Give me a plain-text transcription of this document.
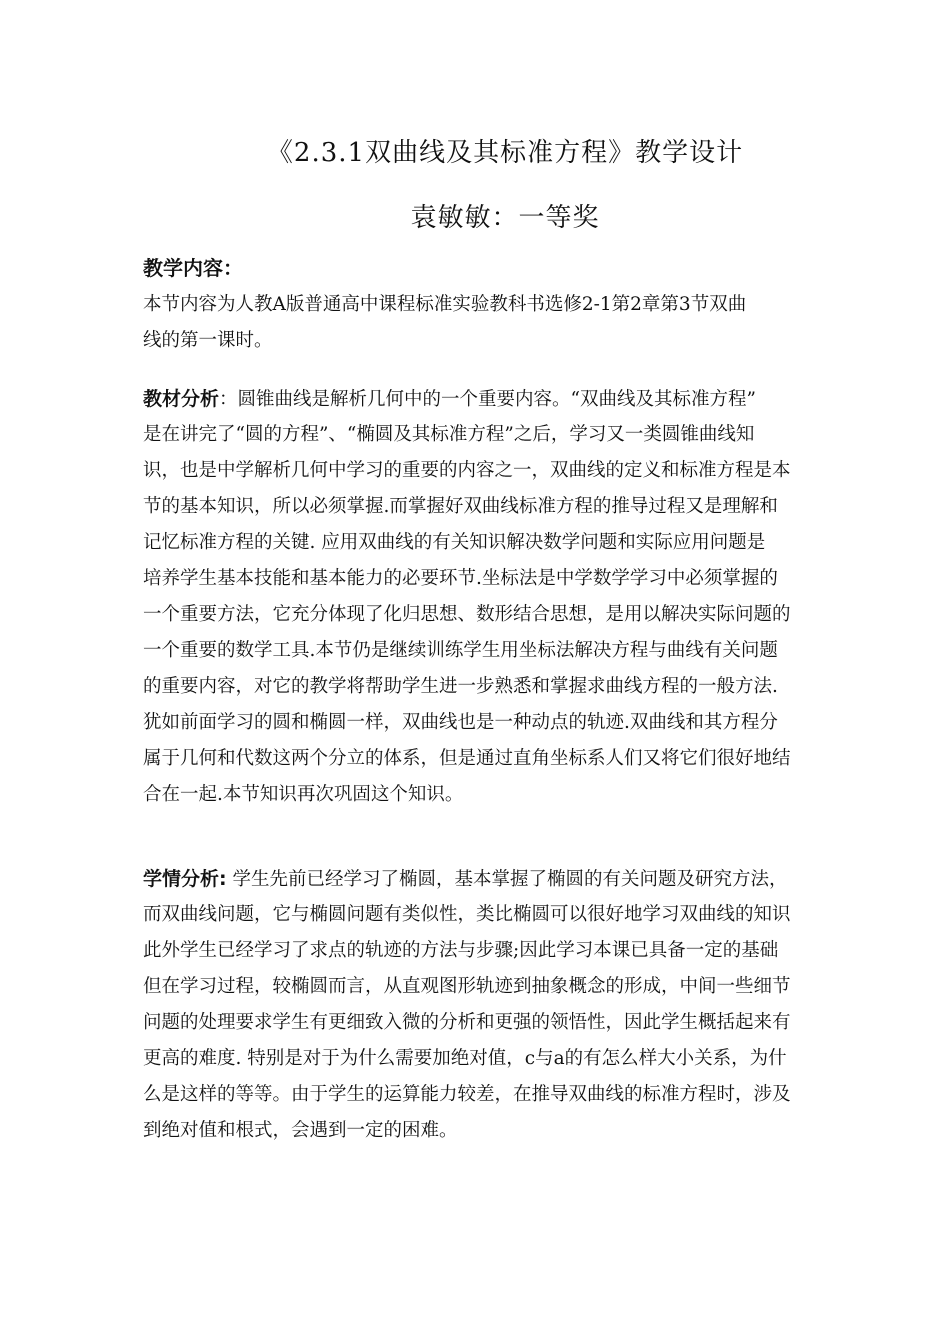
《2.3.1双曲线及其标准方程》教学设计
袁敏敏：一等奖
教学内容：
本节内容为人教A版普通高中课程标准实验教科书选修2-1第2章第3节双曲
线的第一课时。
教材分析：圆锥曲线是解析几何中的一个重要内容。“双曲线及其标准方程”
是在讲完了“圆的方程”、“椭圆及其标准方程”之后，学习又一类圆锥曲线知
识，也是中学解析几何中学习的重要的内容之一，双曲线的定义和标准方程是本
节的基本知识，所以必须掌握.而掌握好双曲线标准方程的推导过程又是理解和
记忆标准方程的关键. 应用双曲线的有关知识解决数学问题和实际应用问题是
培养学生基本技能和基本能力的必要环节.坐标法是中学数学学习中必须掌握的
一个重要方法，它充分体现了化归思想、数形结合思想，是用以解决实际问题的
一个重要的数学工具.本节仍是继续训练学生用坐标法解决方程与曲线有关问题
的重要内容，对它的教学将帮助学生进一步熟悉和掌握求曲线方程的一般方法.
犹如前面学习的圆和椭圆一样，双曲线也是一种动点的轨迹.双曲线和其方程分
属于几何和代数这两个分立的体系，但是通过直角坐标系人们又将它们很好地结
合在一起.本节知识再次巩固这个知识。
学情分析: 学生先前已经学习了椭圆，基本掌握了椭圆的有关问题及研究方法，
而双曲线问题，它与椭圆问题有类似性，类比椭圆可以很好地学习双曲线的知识
此外学生已经学习了求点的轨迹的方法与步骤;因此学习本课已具备一定的基础
但在学习过程，较椭圆而言，从直观图形轨迹到抽象概念的形成，中间一些细节
问题的处理要求学生有更细致入微的分析和更强的领悟性，因此学生概括起来有
更高的难度. 特别是对于为什么需要加绝对值，c与a的有怎么样大小关系，为什
么是这样的等等。由于学生的运算能力较差，在推导双曲线的标准方程时，涉及
到绝对值和根式，会遇到一定的困难。
